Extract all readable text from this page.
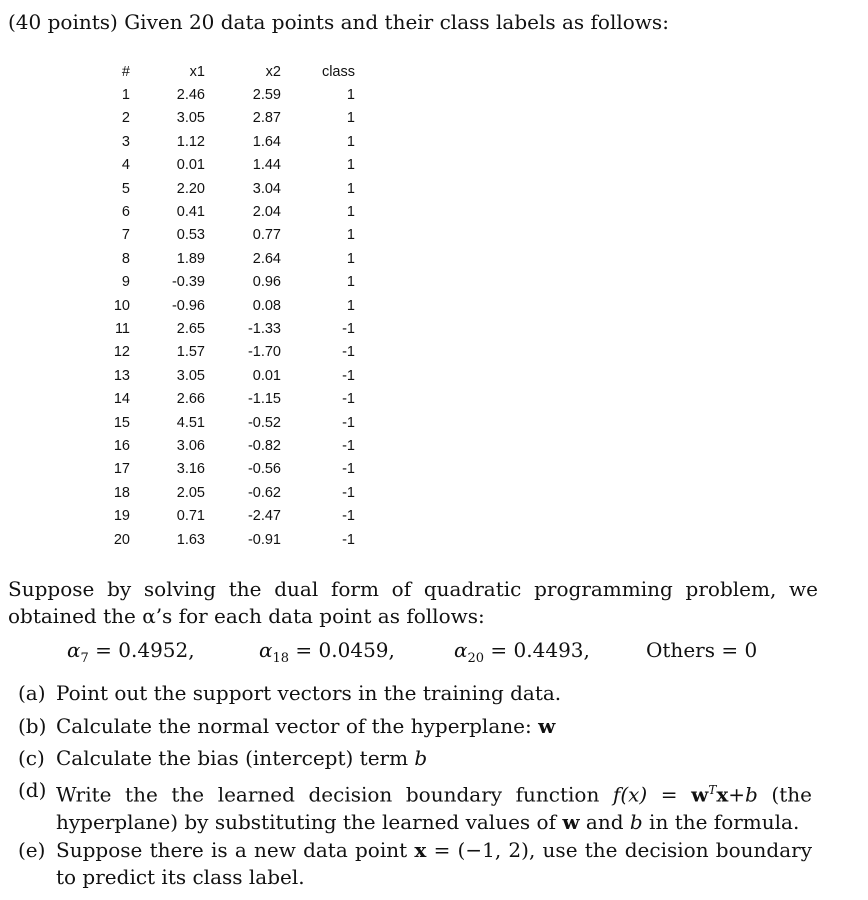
(40 points) Given 20 data points and their class labels as follows:
#	x1	x2	class
1	2.46	2.59	1
2	3.05	2.87	1
3	1.12	1.64	1
4	0.01	1.44	1
5	2.20	3.04	1
6	0.41	2.04	1
7	0.53	0.77	1
8	1.89	2.64	1
9	-0.39	0.96	1
10	-0.96	0.08	1
11	2.65	-1.33	-1
12	1.57	-1.70	-1
13	3.05	0.01	-1
14	2.66	-1.15	-1
15	4.51	-0.52	-1
16	3.06	-0.82	-1
17	3.16	-0.56	-1
18	2.05	-0.62	-1
19	0.71	-2.47	-1
20	1.63	-0.91	-1
Suppose by solving the dual form of quadratic programming problem, we obtained the α’s for each data point as follows:
$\alpha_7 = 0.4952$,	$\alpha_{18} = 0.0459$,	$\alpha_{20} = 0.4493$,	Others = 0
(a) Point out the support vectors in the training data.
(b) Calculate the normal vector of the hyperplane: w
(c) Calculate the bias (intercept) term b
(d) Write the the learned decision boundary function $f(x) = w^Tx+b$ (the hyperplane) by substituting the learned values of w and b in the formula.
(e) Suppose there is a new data point x = (−1, 2), use the decision boundary to predict its class label.
